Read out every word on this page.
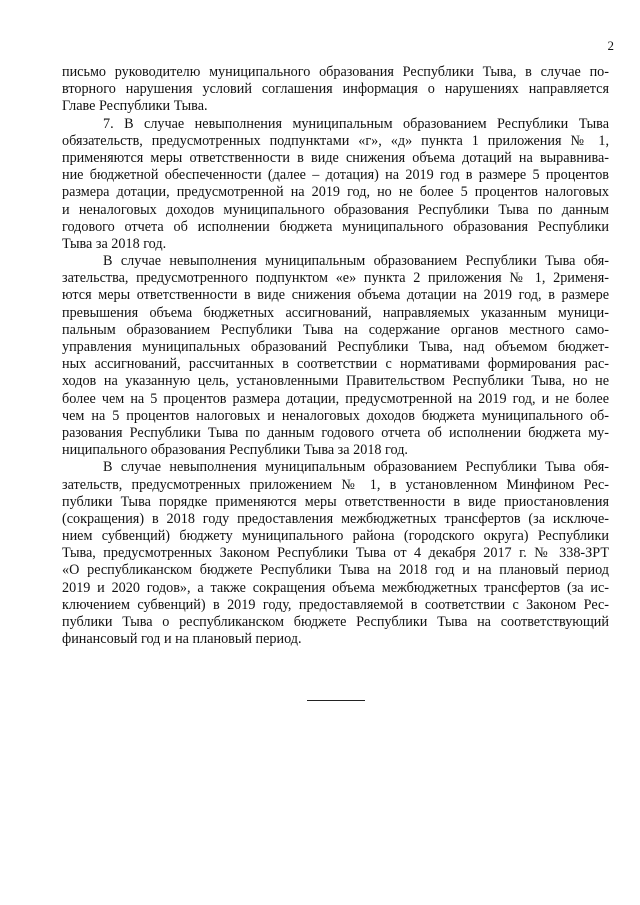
2
письмо руководителю муниципального образования Республики Тыва, в случае по-
вторного нарушения условий соглашения информация о нарушениях направляется
Главе Республики Тыва.
7. В случае невыполнения муниципальным образованием Республики Тыва
обязательств, предусмотренных подпунктами «г», «д» пункта 1 приложения № 1,
применяются меры ответственности в виде снижения объема дотаций на выравнива-
ние бюджетной обеспеченности (далее – дотация) на 2019 год в размере 5 процентов
размера дотации, предусмотренной на 2019 год, но не более 5 процентов налоговых
и неналоговых доходов муниципального образования Республики Тыва по данным
годового отчета об исполнении бюджета муниципального образования Республики
Тыва за 2018 год.
В случае невыполнения муниципальным образованием Республики Тыва обя-
зательства, предусмотренного подпунктом «е» пункта 2 приложения № 1, 2рименя-
ются меры ответственности в виде снижения объема дотации на 2019 год, в размере
превышения объема бюджетных ассигнований, направляемых указанным муници-
пальным образованием Республики Тыва на содержание органов местного само-
управления муниципальных образований Республики Тыва, над объемом бюджет-
ных ассигнований, рассчитанных в соответствии с нормативами формирования рас-
ходов на указанную цель, установленными Правительством Республики Тыва, но не
более чем на 5 процентов размера дотации, предусмотренной на 2019 год, и не более
чем на 5 процентов налоговых и неналоговых доходов бюджета муниципального об-
разования Республики Тыва по данным годового отчета об исполнении бюджета му-
ниципального образования Республики Тыва за 2018 год.
В случае невыполнения муниципальным образованием Республики Тыва обя-
зательств, предусмотренных приложением № 1, в установленном Минфином Рес-
публики Тыва порядке применяются меры ответственности в виде приостановления
(сокращения) в 2018 году предоставления межбюджетных трансфертов (за исключе-
нием субвенций) бюджету муниципального района (городского округа) Республики
Тыва, предусмотренных Законом Республики Тыва от 4 декабря 2017 г. № 338-ЗРТ
«О республиканском бюджете Республики Тыва на 2018 год и на плановый период
2019 и 2020 годов», а также сокращения объема межбюджетных трансфертов (за ис-
ключением субвенций) в 2019 году, предоставляемой в соответствии с Законом Рес-
публики Тыва о республиканском бюджете Республики Тыва на соответствующий
финансовый год и на плановый период.
